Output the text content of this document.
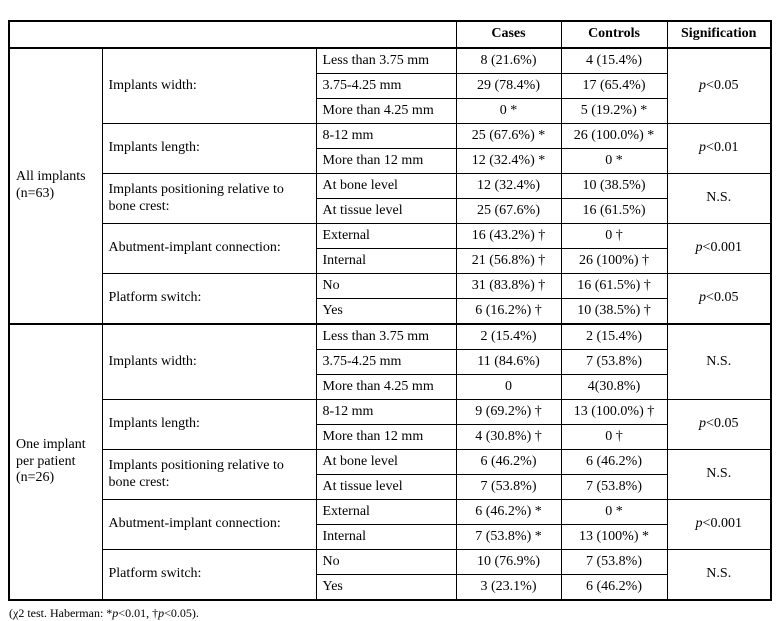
			Cases	Controls	Signification
All implants (n=63)	Implants width:	Less than 3.75 mm	8 (21.6%)	4 (15.4%)	p<0.05
		3.75-4.25 mm	29 (78.4%)	17 (65.4%)	
		More than 4.25 mm	0 *	5 (19.2%) *	
	Implants length:	8-12 mm	25 (67.6%) *	26 (100.0%) *	p<0.01
		More than 12 mm	12 (32.4%) *	0 *	
	Implants positioning relative to bone crest:	At bone level	12 (32.4%)	10 (38.5%)	N.S.
		At tissue level	25 (67.6%)	16 (61.5%)	
	Abutment-implant connection:	External	16 (43.2%) †	0 †	p<0.001
		Internal	21 (56.8%) †	26 (100%) †	
	Platform switch:	No	31 (83.8%) †	16 (61.5%) †	p<0.05
		Yes	6 (16.2%) †	10 (38.5%) †	
One implant per patient (n=26)	Implants width:	Less than 3.75 mm	2 (15.4%)	2 (15.4%)	N.S.
		3.75-4.25 mm	11 (84.6%)	7 (53.8%)	
		More than 4.25 mm	0	4(30.8%)	
	Implants length:	8-12 mm	9 (69.2%) †	13 (100.0%) †	p<0.05
		More than 12 mm	4 (30.8%) †	0 †	
	Implants positioning relative to bone crest:	At bone level	6 (46.2%)	6 (46.2%)	N.S.
		At tissue level	7 (53.8%)	7 (53.8%)	
	Abutment-implant connection:	External	6 (46.2%) *	0 *	p<0.001
		Internal	7 (53.8%) *	13 (100%) *	
	Platform switch:	No	10 (76.9%)	7 (53.8%)	N.S.
		Yes	3 (23.1%)	6 (46.2%)	
(χ2 test. Haberman: *p<0.01, †p<0.05).
